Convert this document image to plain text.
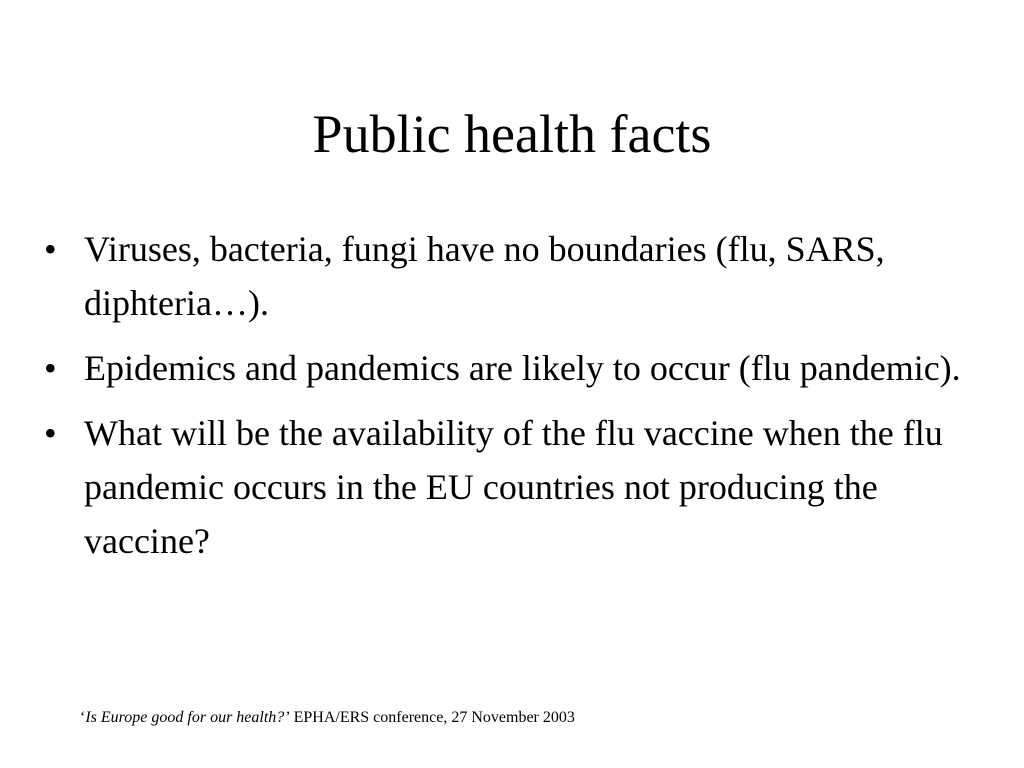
Public health facts
• Viruses, bacteria, fungi have no boundaries (flu, SARS, diphteria…).
• Epidemics and pandemics are likely to occur (flu pandemic).
• What will be the availability of the flu vaccine when the flu pandemic occurs in the EU countries not producing the vaccine?
‘Is Europe good for our health?’ EPHA/ERS conference, 27 November 2003
